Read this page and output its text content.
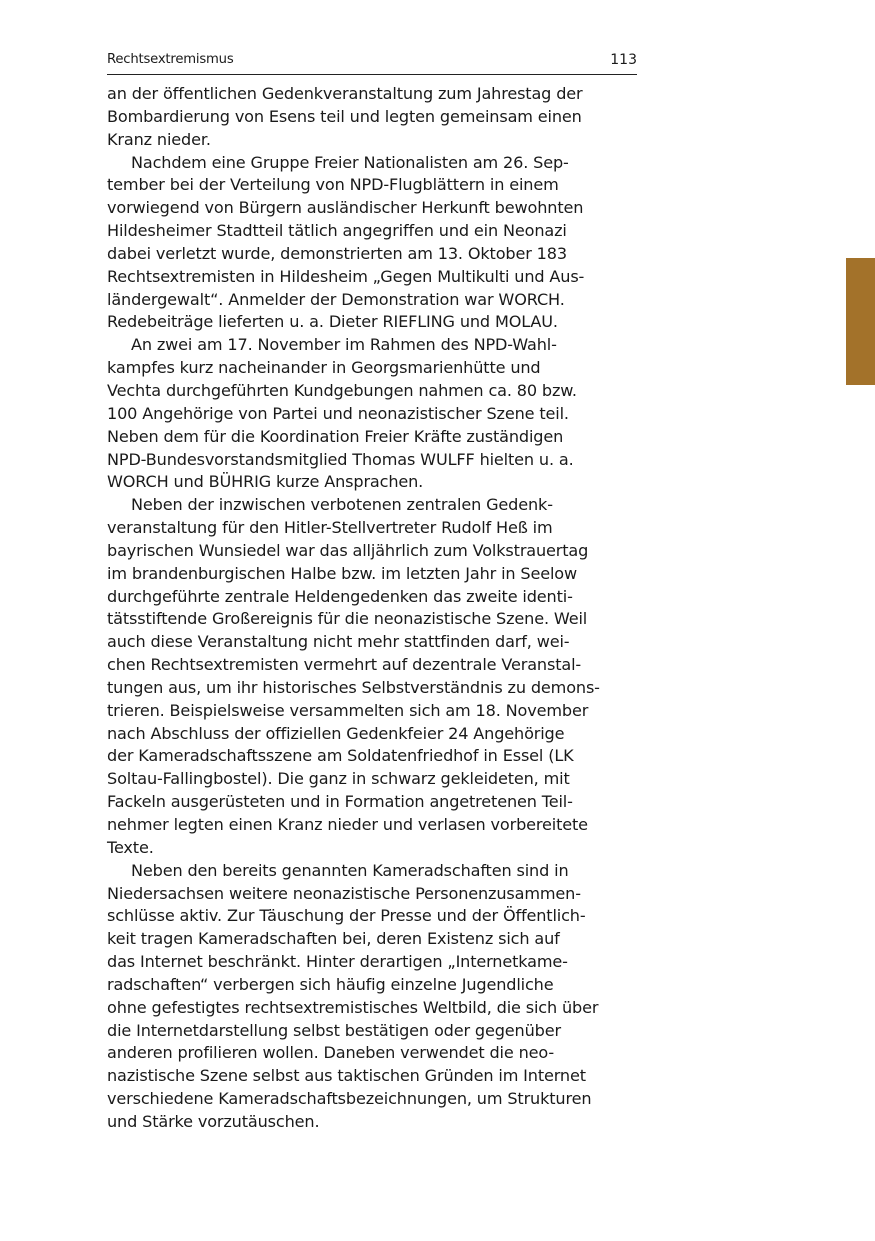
Rechtsextremismus	113
an der öffentlichen Gedenkveranstaltung zum Jahrestag der
Bombardierung von Esens teil und legten gemeinsam einen
Kranz nieder.
Nachdem eine Gruppe Freier Nationalisten am 26. Sep-
tember bei der Verteilung von NPD-Flugblättern in einem
vorwiegend von Bürgern ausländischer Herkunft bewohnten
Hildesheimer Stadtteil tätlich angegriffen und ein Neonazi
dabei verletzt wurde, demonstrierten am 13. Oktober 183
Rechtsextremisten in Hildesheim „Gegen Multikulti und Aus-
ländergewalt“. Anmelder der Demonstration war WORCH.
Redebeiträge lieferten u. a. Dieter RIEFLING und MOLAU.
An zwei am 17. November im Rahmen des NPD-Wahl-
kampfes kurz nacheinander in Georgsmarienhütte und
Vechta durchgeführten Kundgebungen nahmen ca. 80 bzw.
100 Angehörige von Partei und neonazistischer Szene teil.
Neben dem für die Koordination Freier Kräfte zuständigen
NPD-Bundesvorstandsmitglied Thomas WULFF hielten u. a.
WORCH und BÜHRIG kurze Ansprachen.
Neben der inzwischen verbotenen zentralen Gedenk-
veranstaltung für den Hitler-Stellvertreter Rudolf Heß im
bayrischen Wunsiedel war das alljährlich zum Volkstrauertag
im brandenburgischen Halbe bzw. im letzten Jahr in Seelow
durchgeführte zentrale Heldengedenken das zweite identi-
tätsstiftende Großereignis für die neonazistische Szene. Weil
auch diese Veranstaltung nicht mehr stattfinden darf, wei-
chen Rechtsextremisten vermehrt auf dezentrale Veranstal-
tungen aus, um ihr historisches Selbstverständnis zu demons-
trieren. Beispielsweise versammelten sich am 18. November
nach Abschluss der offiziellen Gedenkfeier 24 Angehörige
der Kameradschaftsszene am Soldatenfriedhof in Essel (LK
Soltau-Fallingbostel). Die ganz in schwarz gekleideten, mit
Fackeln ausgerüsteten und in Formation angetretenen Teil-
nehmer legten einen Kranz nieder und verlasen vorbereitete
Texte.
Neben den bereits genannten Kameradschaften sind in
Niedersachsen weitere neonazistische Personenzusammen-
schlüsse aktiv. Zur Täuschung der Presse und der Öffentlich-
keit tragen Kameradschaften bei, deren Existenz sich auf
das Internet beschränkt. Hinter derartigen „Internetkame-
radschaften“ verbergen sich häufig einzelne Jugendliche
ohne gefestigtes rechtsextremistisches Weltbild, die sich über
die Internetdarstellung selbst bestätigen oder gegenüber
anderen profilieren wollen. Daneben verwendet die neo-
nazistische Szene selbst aus taktischen Gründen im Internet
verschiedene Kameradschaftsbezeichnungen, um Strukturen
und Stärke vorzutäuschen.
